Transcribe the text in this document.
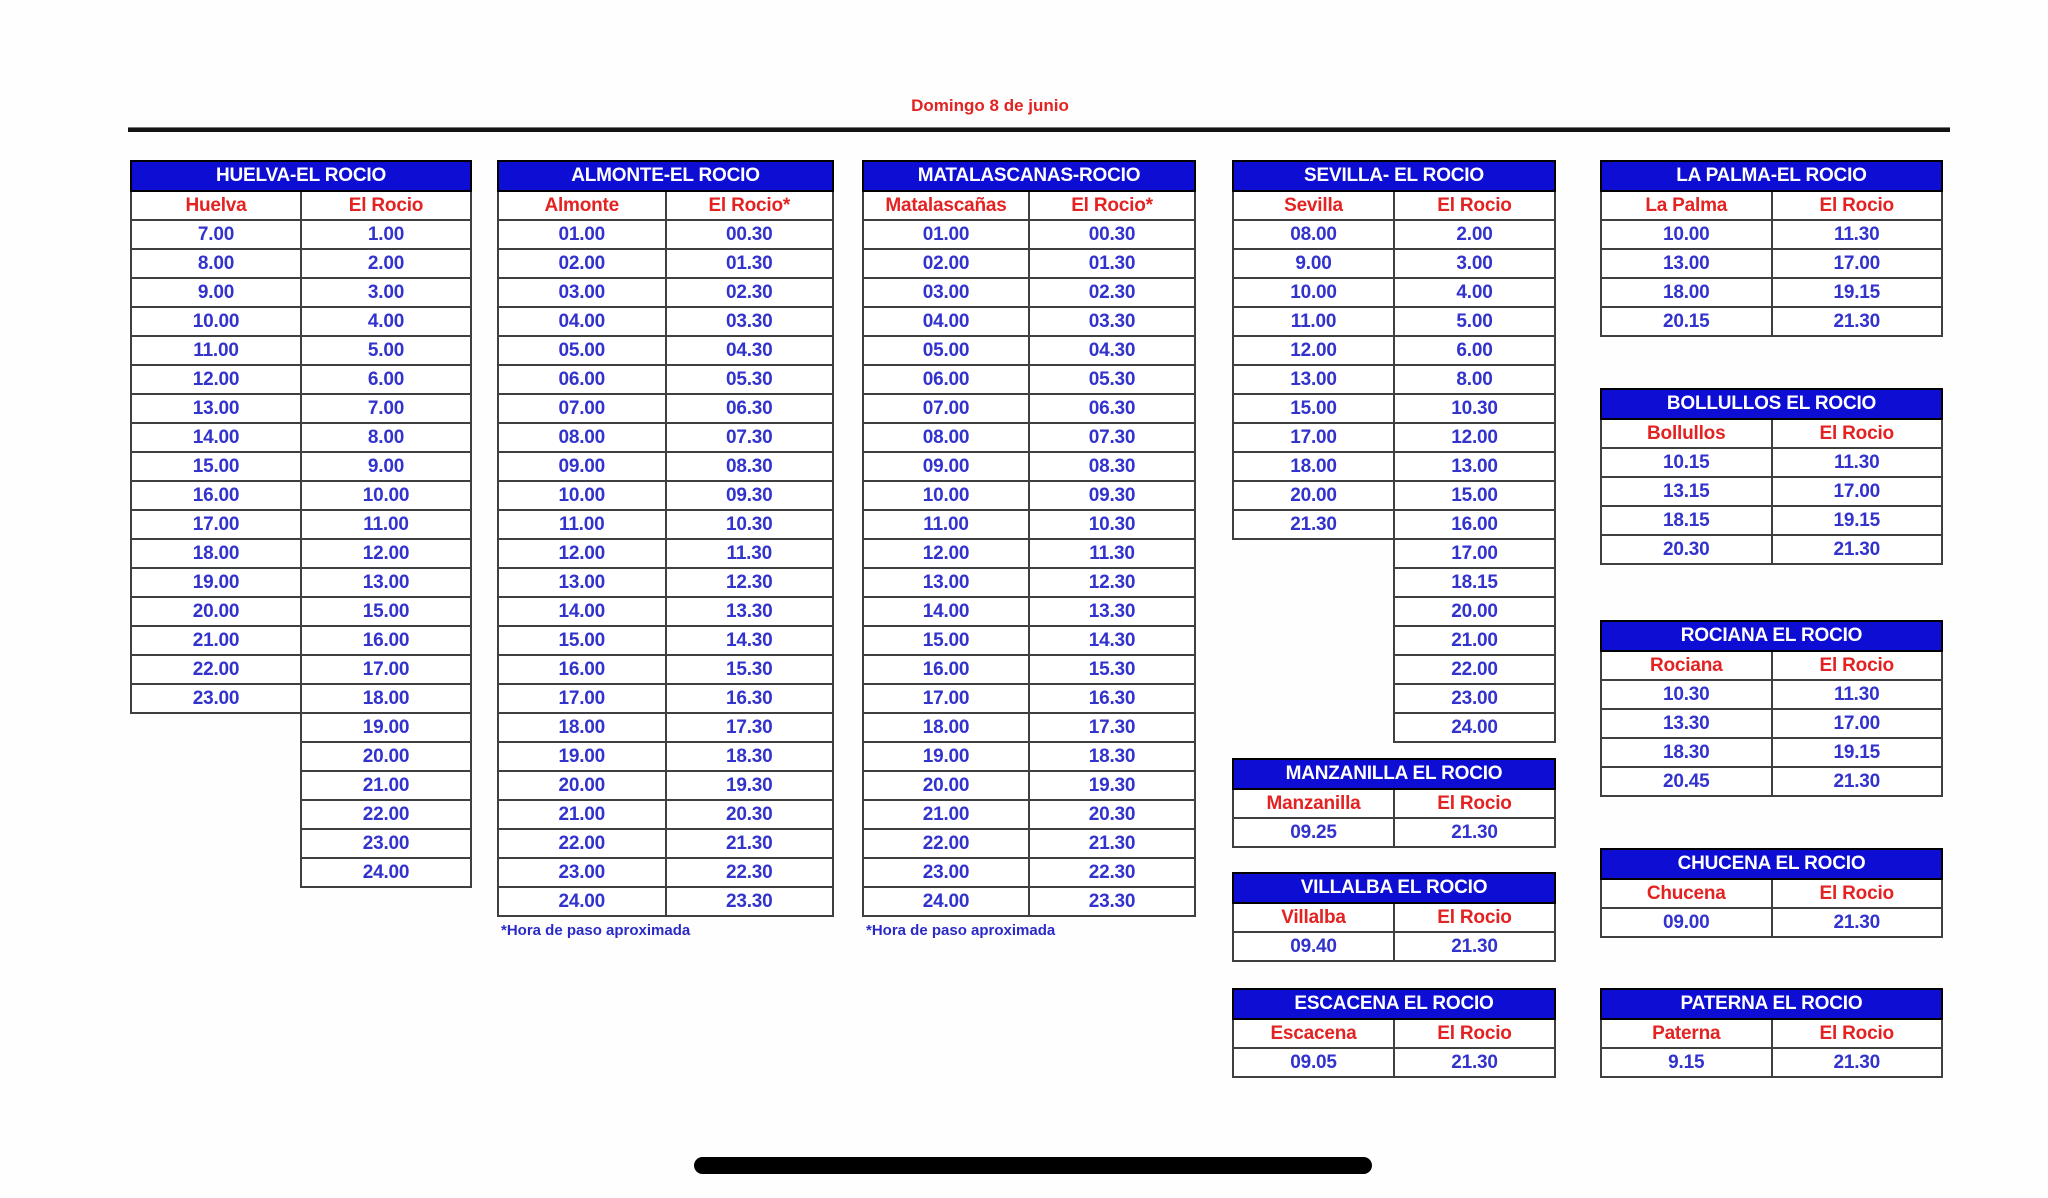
Domingo 8 de junio
HUELVA-EL ROCIO	
Huelva	El Rocio
7.00	1.00
8.00	2.00
9.00	3.00
10.00	4.00
11.00	5.00
12.00	6.00
13.00	7.00
14.00	8.00
15.00	9.00
16.00	10.00
17.00	11.00
18.00	12.00
19.00	13.00
20.00	15.00
21.00	16.00
22.00	17.00
23.00	18.00
	19.00
	20.00
	21.00
	22.00
	23.00
	24.00
ALMONTE-EL ROCIO	
Almonte	El Rocio*
01.00	00.30
02.00	01.30
03.00	02.30
04.00	03.30
05.00	04.30
06.00	05.30
07.00	06.30
08.00	07.30
09.00	08.30
10.00	09.30
11.00	10.30
12.00	11.30
13.00	12.30
14.00	13.30
15.00	14.30
16.00	15.30
17.00	16.30
18.00	17.30
19.00	18.30
20.00	19.30
21.00	20.30
22.00	21.30
23.00	22.30
24.00	23.30
*Hora de paso aproximada
MATALASCANAS-ROCIO	
Matalascañas	El Rocio*
01.00	00.30
02.00	01.30
03.00	02.30
04.00	03.30
05.00	04.30
06.00	05.30
07.00	06.30
08.00	07.30
09.00	08.30
10.00	09.30
11.00	10.30
12.00	11.30
13.00	12.30
14.00	13.30
15.00	14.30
16.00	15.30
17.00	16.30
18.00	17.30
19.00	18.30
20.00	19.30
21.00	20.30
22.00	21.30
23.00	22.30
24.00	23.30
*Hora de paso aproximada
SEVILLA- EL ROCIO	
Sevilla	El Rocio
08.00	2.00
9.00	3.00
10.00	4.00
11.00	5.00
12.00	6.00
13.00	8.00
15.00	10.30
17.00	12.00
18.00	13.00
20.00	15.00
21.30	16.00
	17.00
	18.15
	20.00
	21.00
	22.00
	23.00
	24.00
MANZANILLA EL ROCIO	
Manzanilla	El Rocio
09.25	21.30
VILLALBA EL ROCIO	
Villalba	El Rocio
09.40	21.30
ESCACENA EL ROCIO	
Escacena	El Rocio
09.05	21.30
LA PALMA-EL ROCIO	
La Palma	El Rocio
10.00	11.30
13.00	17.00
18.00	19.15
20.15	21.30
BOLLULLOS EL ROCIO	
Bollullos	El Rocio
10.15	11.30
13.15	17.00
18.15	19.15
20.30	21.30
ROCIANA EL ROCIO	
Rociana	El Rocio
10.30	11.30
13.30	17.00
18.30	19.15
20.45	21.30
CHUCENA EL ROCIO	
Chucena	El Rocio
09.00	21.30
PATERNA EL ROCIO	
Paterna	El Rocio
9.15	21.30
